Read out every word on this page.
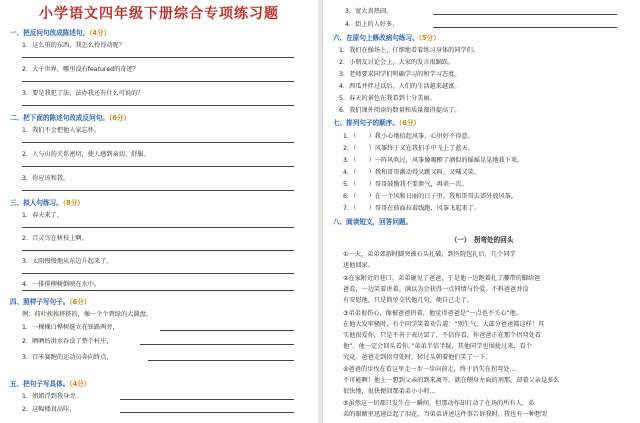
小学语文四年级下册综合专项练习题
一、把反问句改成陈述句。（4分）
1．这么重的东西，我怎么拎得动呢？
2．大千世界，哪里没有featured的奇迹？
3．要是我犯了法，法办我还有什么可说的？
二、把下面的陈述句改成反问句。（6分）
1．我们不会把他人家忘怀。
2．人与山的关系密切，使人感到亲切、舒服。
3．你应该和我。
三、拟人句练习。（8分）
1．春天来了，
2．百灵鸟在树枝上啊。
3．太阳慢慢地从东边升起来了。
4．一排排柳树倒映在水中。
四、照样子写句子。（6分）
例：荷叶挨挨挤挤的，像一个个碧绿的大圆盘。
1．一棵棵白桦树挺立在铁路两旁，
2．晒晒的洪水吞没了整个村庄，
3．百米赛跑的运动员奔向终点，
五、把句子写具体。（4分）
1．姐姐浮到我身旁。
2．这幅楼真高哇，
3．宽大真热闹，
4．街上的人好多，
六、在原句上修改病句练习。（5分）
1．我们在操场上，仔细地看着练习身体的同学们。
2．小朋友讨论会上，大家的发言很踊跃。
3．老师要求同学们明确学习的和学习态度。
4．西瓜并拌过以后，人们的生活越来越富。
5．春天的景色在我看到十分美丽。
6．我们课外阅读的数量和质量都得提高了。
七、排列句子的顺序。（6分）
1．（　　）我小心地拾起风筝，心里好不得意。
2．（　　）风筝终于又在我们手中飞上了蓝天。
3．（　　）一阵风吹过，风筝像喝醉了酒似的摇摇晃晃地栽下来。
4．（　　）我和哥哥激动得又跳又叫，又喊又笑。
5．（　　）哥哥鼓励我不要泄气，再来一次。
6．（　　）在一个风和日丽的日子里，我和哥哥去郊外放风筝。
7．（　　）哥哥在前面拉着线跑，风筝飞起来了。
八、阅读短文，回答问题。
（一）　拐弯处的回头
①一天，弟弟郊游时脚突被石头扎破，到医院包扎后，几个同学
送他回家。
②在家附近的巷口，弟弟碰见了爸爸，于是他一边跑着扎了腰带的脚给爸
爸看，一边笑着讲着。满以为会获得一点同情与怜爱。不料爸爸并没
有安慰他，只是简单交代他几句，便自己走了。
③弟弟很伤心，像被爸爸扔着，他觉得爸爸是“一点也不关心”他。
在他大发牢骚时，有个同学笑着劝告道：“别生气，大部分爸爸都这样！其
实他很爱你，只是不善于表达罢了，不信你看，你爸爸正在那个拐弯处看
他”。他一定会回头看你。”弟弟半信半疑，其他同学也围拢过来，看个
究竟。爸爸走到拐弯处时，转过头朝着他们笑了一下。
④爸爸的步伐在看这里走一步一步向前走，终于消失在拐弯处…
不可能啊！他上一想到父亲的到来离开，就在侧身左面的剂那，却着父亲是多么
很快地，很快便回那弟弟小小时…
⑤虽然这一切都只发生在一瞬间，但那动作却打动了在场的所有人，弟
弟的眼睛里迅速泛起了泪花，当弟弟讲述这件事告诉我时，我也有一种想哭
